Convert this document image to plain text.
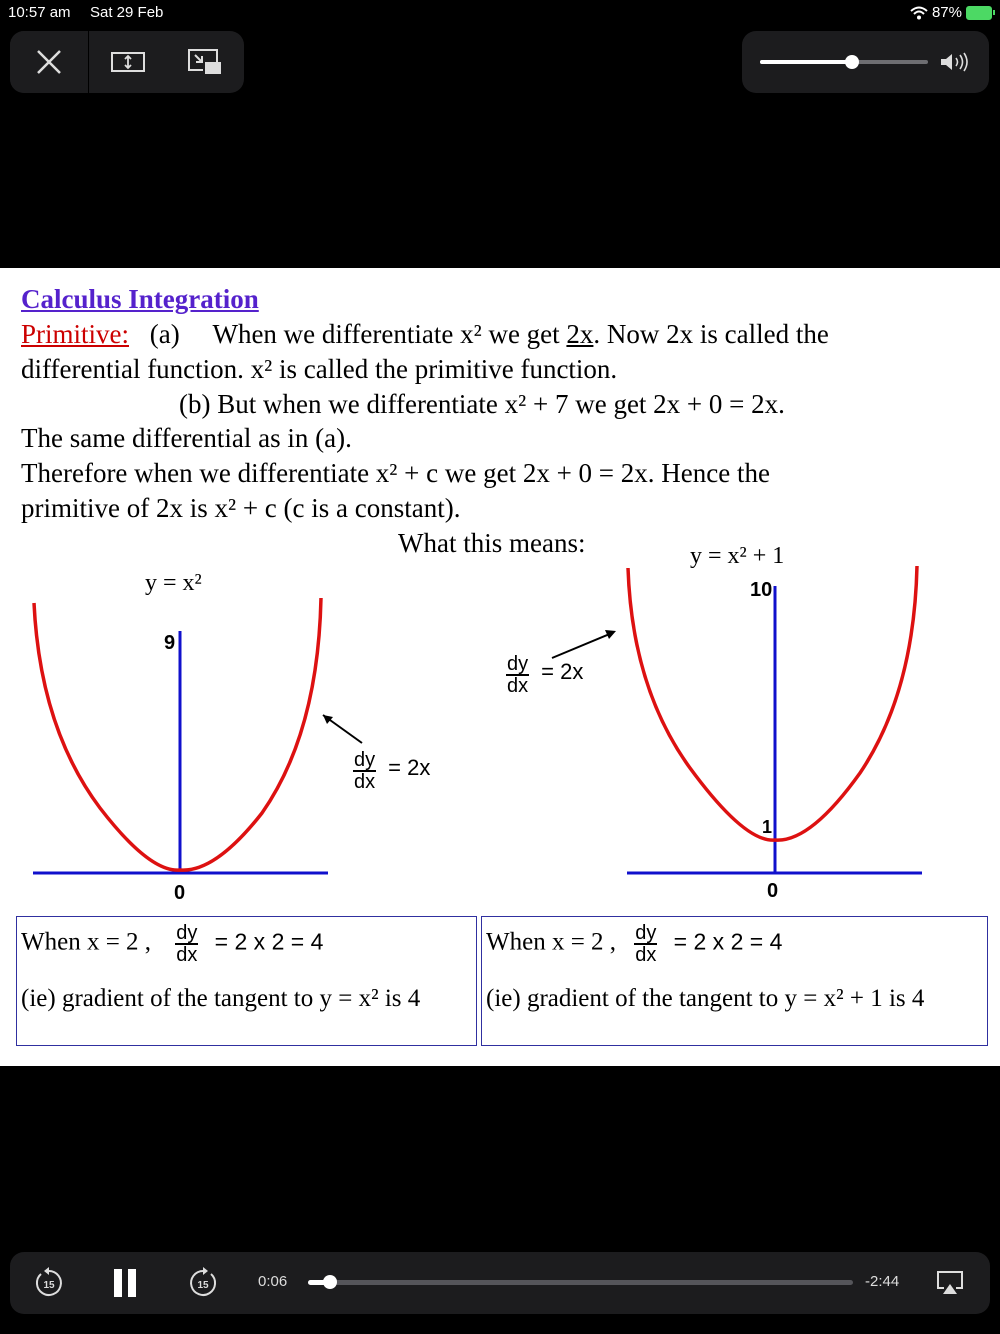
10:57 am Sat 29 Feb	87%
Calculus Integration
Primitive: (a) When we differentiate x² we get 2x. Now 2x is called the
differential function. x² is called the primitive function.
(b) But when we differentiate x² + 7 we get 2x + 0 = 2x.
The same differential as in (a).
Therefore when we differentiate x² + c we get 2x + 0 = 2x. Hence the
primitive of 2x is x² + c (c is a constant).
What this means:
y = x²
9
0
$\frac{dy}{dx} = 2x$
y = x² + 1
10
1
0
$\frac{dy}{dx} = 2x$
When x = 2 , $\frac{dy}{dx} = 2$ x 2 = 4
(ie) gradient of the tangent to y = x² is 4
When x = 2 , $\frac{dy}{dx} = 2$ x 2 = 4
(ie) gradient of the tangent to y = x² + 1 is 4
15	15	0:06	-2:44
